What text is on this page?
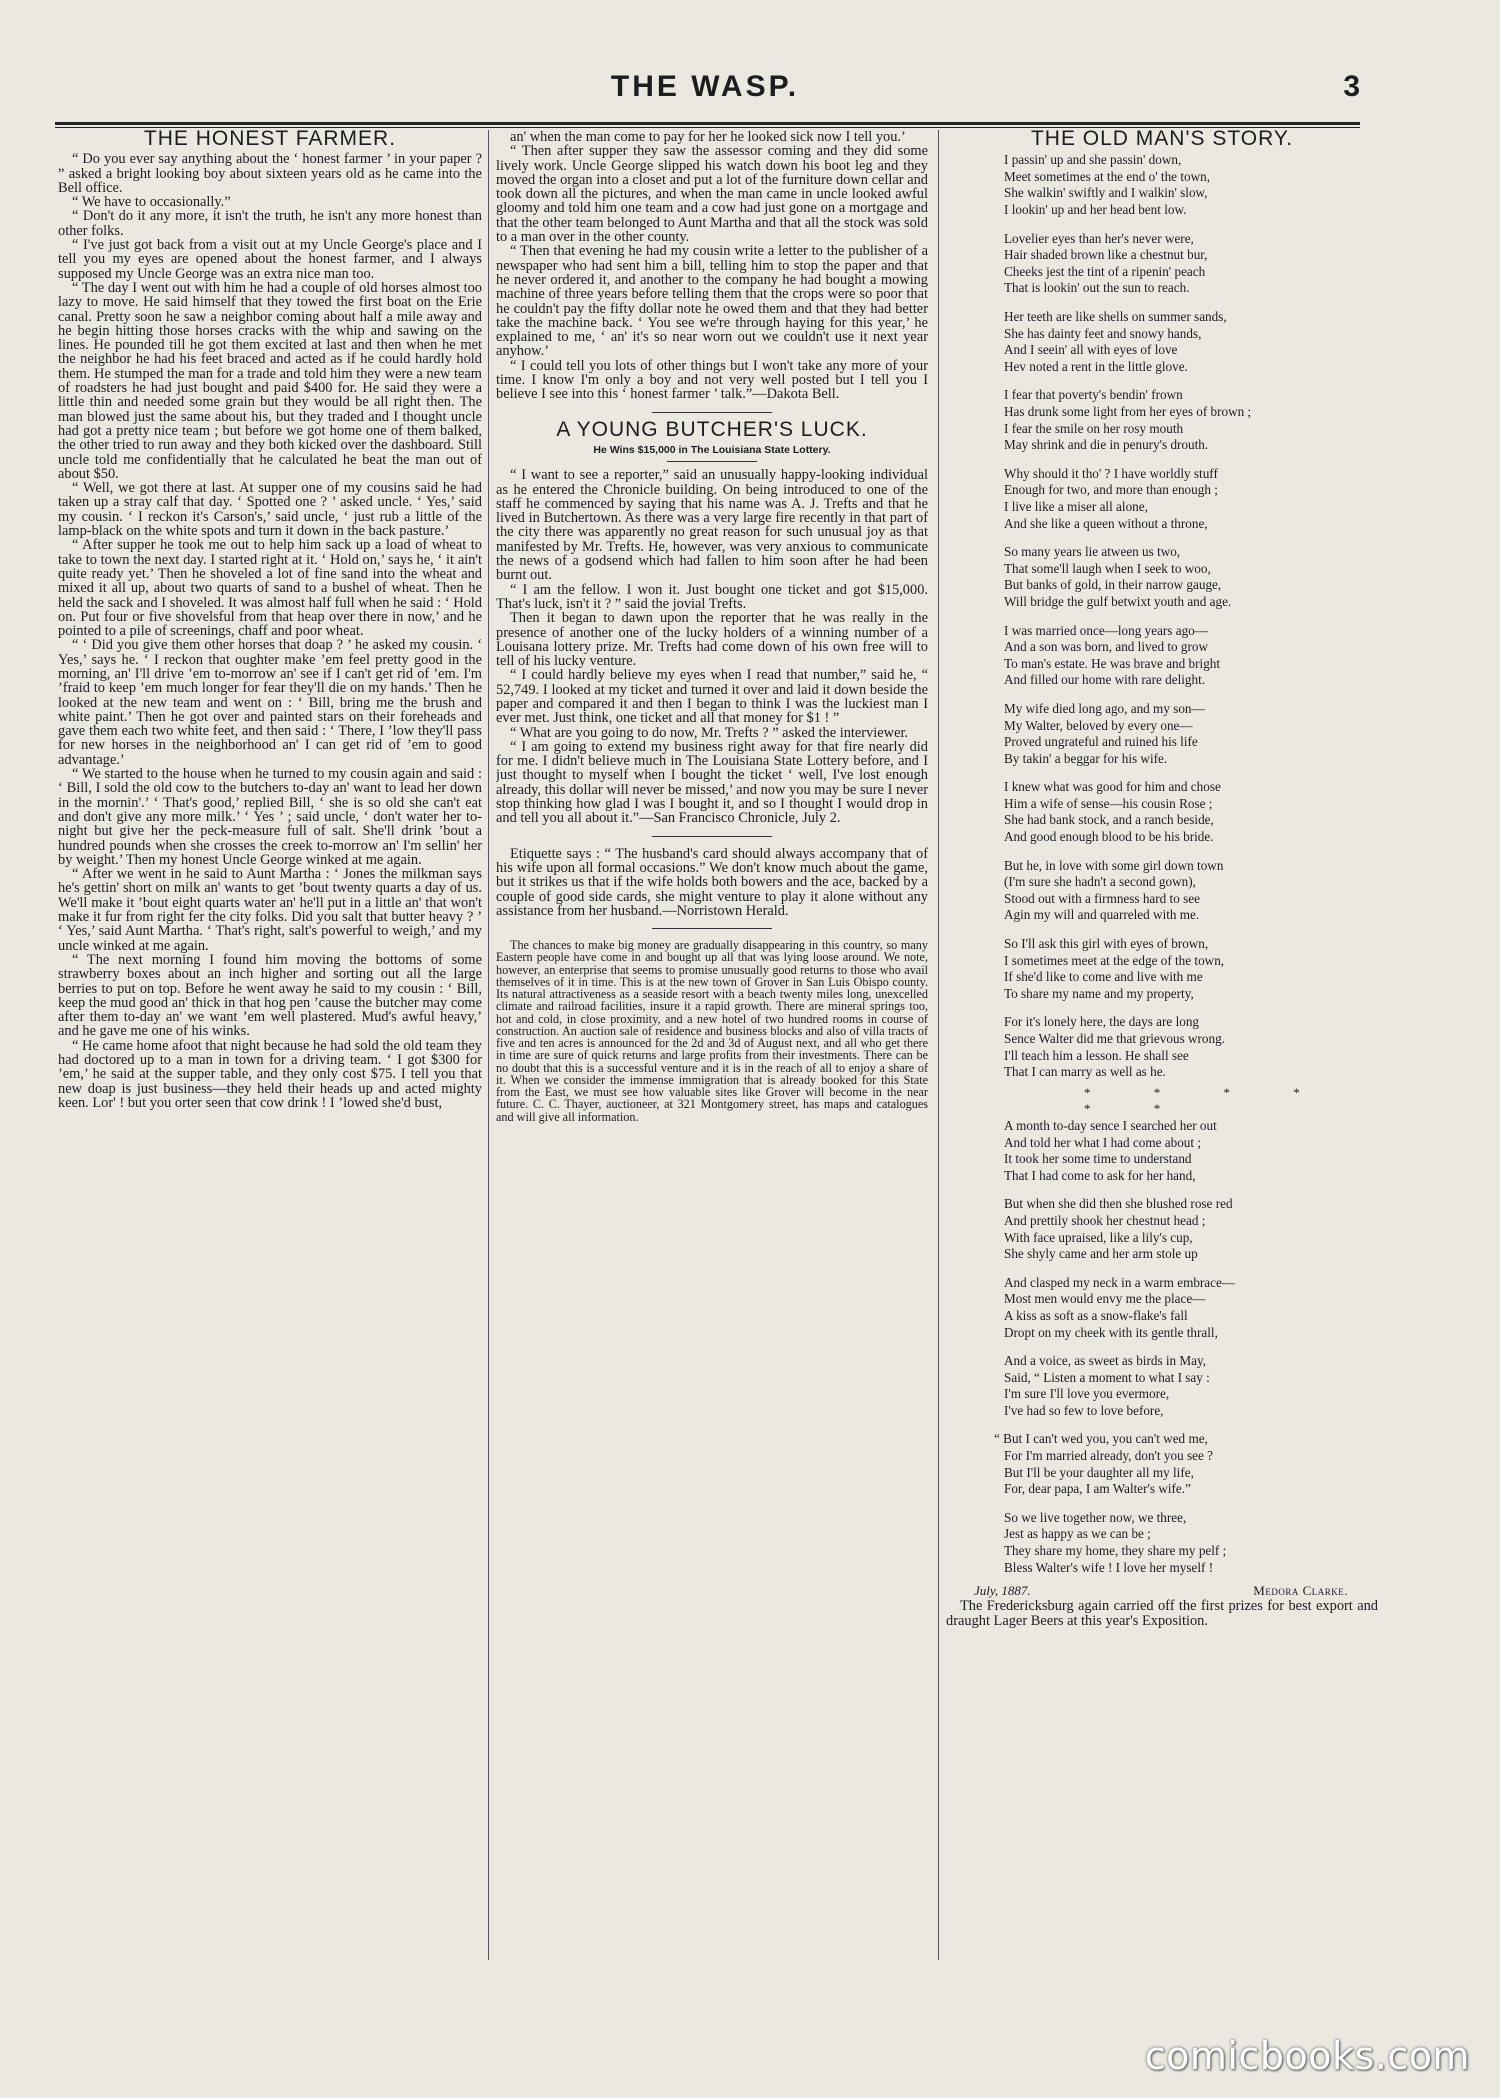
THE WASP.	3
THE HONEST FARMER.

“ Do you ever say anything about the ‘ honest farmer ’ in your paper ? ” asked a bright looking boy about sixteen years old as he came into the Bell office.

“ We have to occasionally.”

“ Don't do it any more, it isn't the truth, he isn't any more honest than other folks.

“ I've just got back from a visit out at my Uncle George's place and I tell you my eyes are opened about the honest farmer, and I always supposed my Uncle George was an extra nice man too.

“ The day I went out with him he had a couple of old horses almost too lazy to move. He said himself that they towed the first boat on the Erie canal. Pretty soon he saw a neighbor coming about half a mile away and he begin hitting those horses cracks with the whip and sawing on the lines. He pounded till he got them excited at last and then when he met the neighbor he had his feet braced and acted as if he could hardly hold them. He stumped the man for a trade and told him they were a new team of roadsters he had just bought and paid $400 for. He said they were a little thin and needed some grain but they would be all right then. The man blowed just the same about his, but they traded and I thought uncle had got a pretty nice team ; but before we got home one of them balked, the other tried to run away and they both kicked over the dashboard. Still uncle told me confidentially that he calculated he beat the man out of about $50.

“ Well, we got there at last. At supper one of my cousins said he had taken up a stray calf that day. ‘ Spotted one ? ’ asked uncle. ‘ Yes,’ said my cousin. ‘ I reckon it's Carson's,’ said uncle, ‘ just rub a little of the lamp-black on the white spots and turn it down in the back pasture.’

“ After supper he took me out to help him sack up a load of wheat to take to town the next day. I started right at it. ‘ Hold on,’ says he, ‘ it ain't quite ready yet.’ Then he shoveled a lot of fine sand into the wheat and mixed it all up, about two quarts of sand to a bushel of wheat. Then he held the sack and I shoveled. It was almost half full when he said : ‘ Hold on. Put four or five shovelsful from that heap over there in now,’ and he pointed to a pile of screenings, chaff and poor wheat.

“ ‘ Did you give them other horses that doap ? ’ he asked my cousin. ‘ Yes,’ says he. ‘ I reckon that oughter make ’em feel pretty good in the morning, an' I'll drive ’em to-morrow an' see if I can't get rid of ’em. I'm ’fraid to keep ’em much longer for fear they'll die on my hands.’ Then he looked at the new team and went on : ‘ Bill, bring me the brush and white paint.’ Then he got over and painted stars on their foreheads and gave them each two white feet, and then said : ‘ There, I ’low they'll pass for new horses in the neighborhood an' I can get rid of ’em to good advantage.’

“ We started to the house when he turned to my cousin again and said : ‘ Bill, I sold the old cow to the butchers to-day an' want to lead her down in the mornin'.’ ‘ That's good,’ replied Bill, ‘ she is so old she can't eat and don't give any more milk.’ ‘ Yes ’ ; said uncle, ‘ don't water her to-night but give her the peck-measure full of salt. She'll drink ’bout a hundred pounds when she crosses the creek to-morrow an' I'm sellin' her by weight.’ Then my honest Uncle George winked at me again.

“ After we went in he said to Aunt Martha : ‘ Jones the milkman says he's gettin' short on milk an' wants to get ’bout twenty quarts a day of us. We'll make it ’bout eight quarts water an' he'll put in a little an' that won't make it fur from right fer the city folks. Did you salt that butter heavy ? ’ ‘ Yes,’ said Aunt Martha. ‘ That's right, salt's powerful to weigh,’ and my uncle winked at me again.

“ The next morning I found him moving the bottoms of some strawberry boxes about an inch higher and sorting out all the large berries to put on top. Before he went away he said to my cousin : ‘ Bill, keep the mud good an' thick in that hog pen ’cause the butcher may come after them to-day an' we want ’em well plastered. Mud's awful heavy,’ and he gave me one of his winks.

“ He came home afoot that night because he had sold the old team they had doctored up to a man in town for a driving team. ‘ I got $300 for ’em,’ he said at the supper table, and they only cost $75. I tell you that new doap is just business—they held their heads up and acted mighty keen. Lor' ! but you orter seen that cow drink ! I ’lowed she'd bust,

an' when the man come to pay for her he looked sick now I tell you.’

“ Then after supper they saw the assessor coming and they did some lively work. Uncle George slipped his watch down his boot leg and they moved the organ into a closet and put a lot of the furniture down cellar and took down all the pictures, and when the man came in uncle looked awful gloomy and told him one team and a cow had just gone on a mortgage and that the other team belonged to Aunt Martha and that all the stock was sold to a man over in the other county.

“ Then that evening he had my cousin write a letter to the publisher of a newspaper who had sent him a bill, telling him to stop the paper and that he never ordered it, and another to the company he had bought a mowing machine of three years before telling them that the crops were so poor that he couldn't pay the fifty dollar note he owed them and that they had better take the machine back. ‘ You see we're through haying for this year,’ he explained to me, ‘ an' it's so near worn out we couldn't use it next year anyhow.’

“ I could tell you lots of other things but I won't take any more of your time. I know I'm only a boy and not very well posted but I tell you I believe I see into this ‘ honest farmer ’ talk.”—Dakota Bell.

A YOUNG BUTCHER'S LUCK.
He Wins $15,000 in The Louisiana State Lottery.

“ I want to see a reporter,” said an unusually happy-looking individual as he entered the Chronicle building. On being introduced to one of the staff he commenced by saying that his name was A. J. Trefts and that he lived in Butchertown. As there was a very large fire recently in that part of the city there was apparently no great reason for such unusual joy as that manifested by Mr. Trefts. He, however, was very anxious to communicate the news of a godsend which had fallen to him soon after he had been burnt out.

“ I am the fellow. I won it. Just bought one ticket and got $15,000. That's luck, isn't it ? ” said the jovial Trefts.

Then it began to dawn upon the reporter that he was really in the presence of another one of the lucky holders of a winning number of a Louisana lottery prize. Mr. Trefts had come down of his own free will to tell of his lucky venture.

“ I could hardly believe my eyes when I read that number,” said he, “ 52,749. I looked at my ticket and turned it over and laid it down beside the paper and compared it and then I began to think I was the luckiest man I ever met. Just think, one ticket and all that money for $1 ! ”

“ What are you going to do now, Mr. Trefts ? ” asked the interviewer.

“ I am going to extend my business right away for that fire nearly did for me. I didn't believe much in The Louisiana State Lottery before, and I just thought to myself when I bought the ticket ‘ well, I've lost enough already, this dollar will never be missed,’ and now you may be sure I never stop thinking how glad I was I bought it, and so I thought I would drop in and tell you all about it.”—San Francisco Chronicle, July 2.

Etiquette says : “ The husband's card should always accompany that of his wife upon all formal occasions.” We don't know much about the game, but it strikes us that if the wife holds both bowers and the ace, backed by a couple of good side cards, she might venture to play it alone without any assistance from her husband.—Norristown Herald.

The chances to make big money are gradually disappearing in this country, so many Eastern people have come in and bought up all that was lying loose around. We note, however, an enterprise that seems to promise unusually good returns to those who avail themselves of it in time. This is at the new town of Grover in San Luis Obispo county. Its natural attractiveness as a seaside resort with a beach twenty miles long, unexcelled climate and railroad facilities, insure it a rapid growth. There are mineral springs too, hot and cold, in close proximity, and a new hotel of two hundred rooms in course of construction. An auction sale of residence and business blocks and also of villa tracts of five and ten acres is announced for the 2d and 3d of August next, and all who get there in time are sure of quick returns and large profits from their investments. There can be no doubt that this is a successful venture and it is in the reach of all to enjoy a share of it. When we consider the immense immigration that is already booked for this State from the East, we must see how valuable sites like Grover will become in the near future. C. C. Thayer, auctioneer, at 321 Montgomery street, has maps and catalogues and will give all information.

THE OLD MAN'S STORY.
I passin' up and she passin' down,
Meet sometimes at the end o' the town,
She walkin' swiftly and I walkin' slow,
I lookin' up and her head bent low.
Lovelier eyes than her's never were,
Hair shaded brown like a chestnut bur,
Cheeks jest the tint of a ripenin' peach
That is lookin' out the sun to reach.
Her teeth are like shells on summer sands,
She has dainty feet and snowy hands,
And I seein' all with eyes of love
Hev noted a rent in the little glove.
I fear that poverty's bendin' frown
Has drunk some light from her eyes of brown ;
I fear the smile on her rosy mouth
May shrink and die in penury's drouth.
Why should it tho' ? I have worldly stuff
Enough for two, and more than enough ;
I live like a miser all alone,
And she like a queen without a throne,
So many years lie atween us two,
That some'll laugh when I seek to woo,
But banks of gold, in their narrow gauge,
Will bridge the gulf betwixt youth and age.
I was married once—long years ago—
And a son was born, and lived to grow
To man's estate. He was brave and bright
And filled our home with rare delight.
My wife died long ago, and my son—
My Walter, beloved by every one—
Proved ungrateful and ruined his life
By takin' a beggar for his wife.
I knew what was good for him and chose
Him a wife of sense—his cousin Rose ;
She had bank stock, and a ranch beside,
And good enough blood to be his bride.
But he, in love with some girl down town
(I'm sure she hadn't a second gown),
Stood out with a firmness hard to see
Agin my will and quarreled with me.
So I'll ask this girl with eyes of brown,
I sometimes meet at the edge of the town,
If she'd like to come and live with me
To share my name and my property,
For it's lonely here, the days are long
Sence Walter did me that grievous wrong.
I'll teach him a lesson. He shall see
That I can marry as well as he.
* * * * * *
A month to-day sence I searched her out
And told her what I had come about ;
It took her some time to understand
That I had come to ask for her hand,
But when she did then she blushed rose red
And prettily shook her chestnut head ;
With face upraised, like a lily's cup,
She shyly came and her arm stole up
And clasped my neck in a warm embrace—
Most men would envy me the place—
A kiss as soft as a snow-flake's fall
Dropt on my cheek with its gentle thrall,
And a voice, as sweet as birds in May,
Said, “ Listen a moment to what I say :
I'm sure I'll love you evermore,
I've had so few to love before,
“ But I can't wed you, you can't wed me,
For I'm married already, don't you see ?
But I'll be your daughter all my life,
For, dear papa, I am Walter's wife.”
So we live together now, we three,
Jest as happy as we can be ;
They share my home, they share my pelf ;
Bless Walter's wife ! I love her myself !
July, 1887.	Medora Clarke.

The Fredericksburg again carried off the first prizes for best export and draught Lager Beers at this year's Exposition.

comicbooks.com
